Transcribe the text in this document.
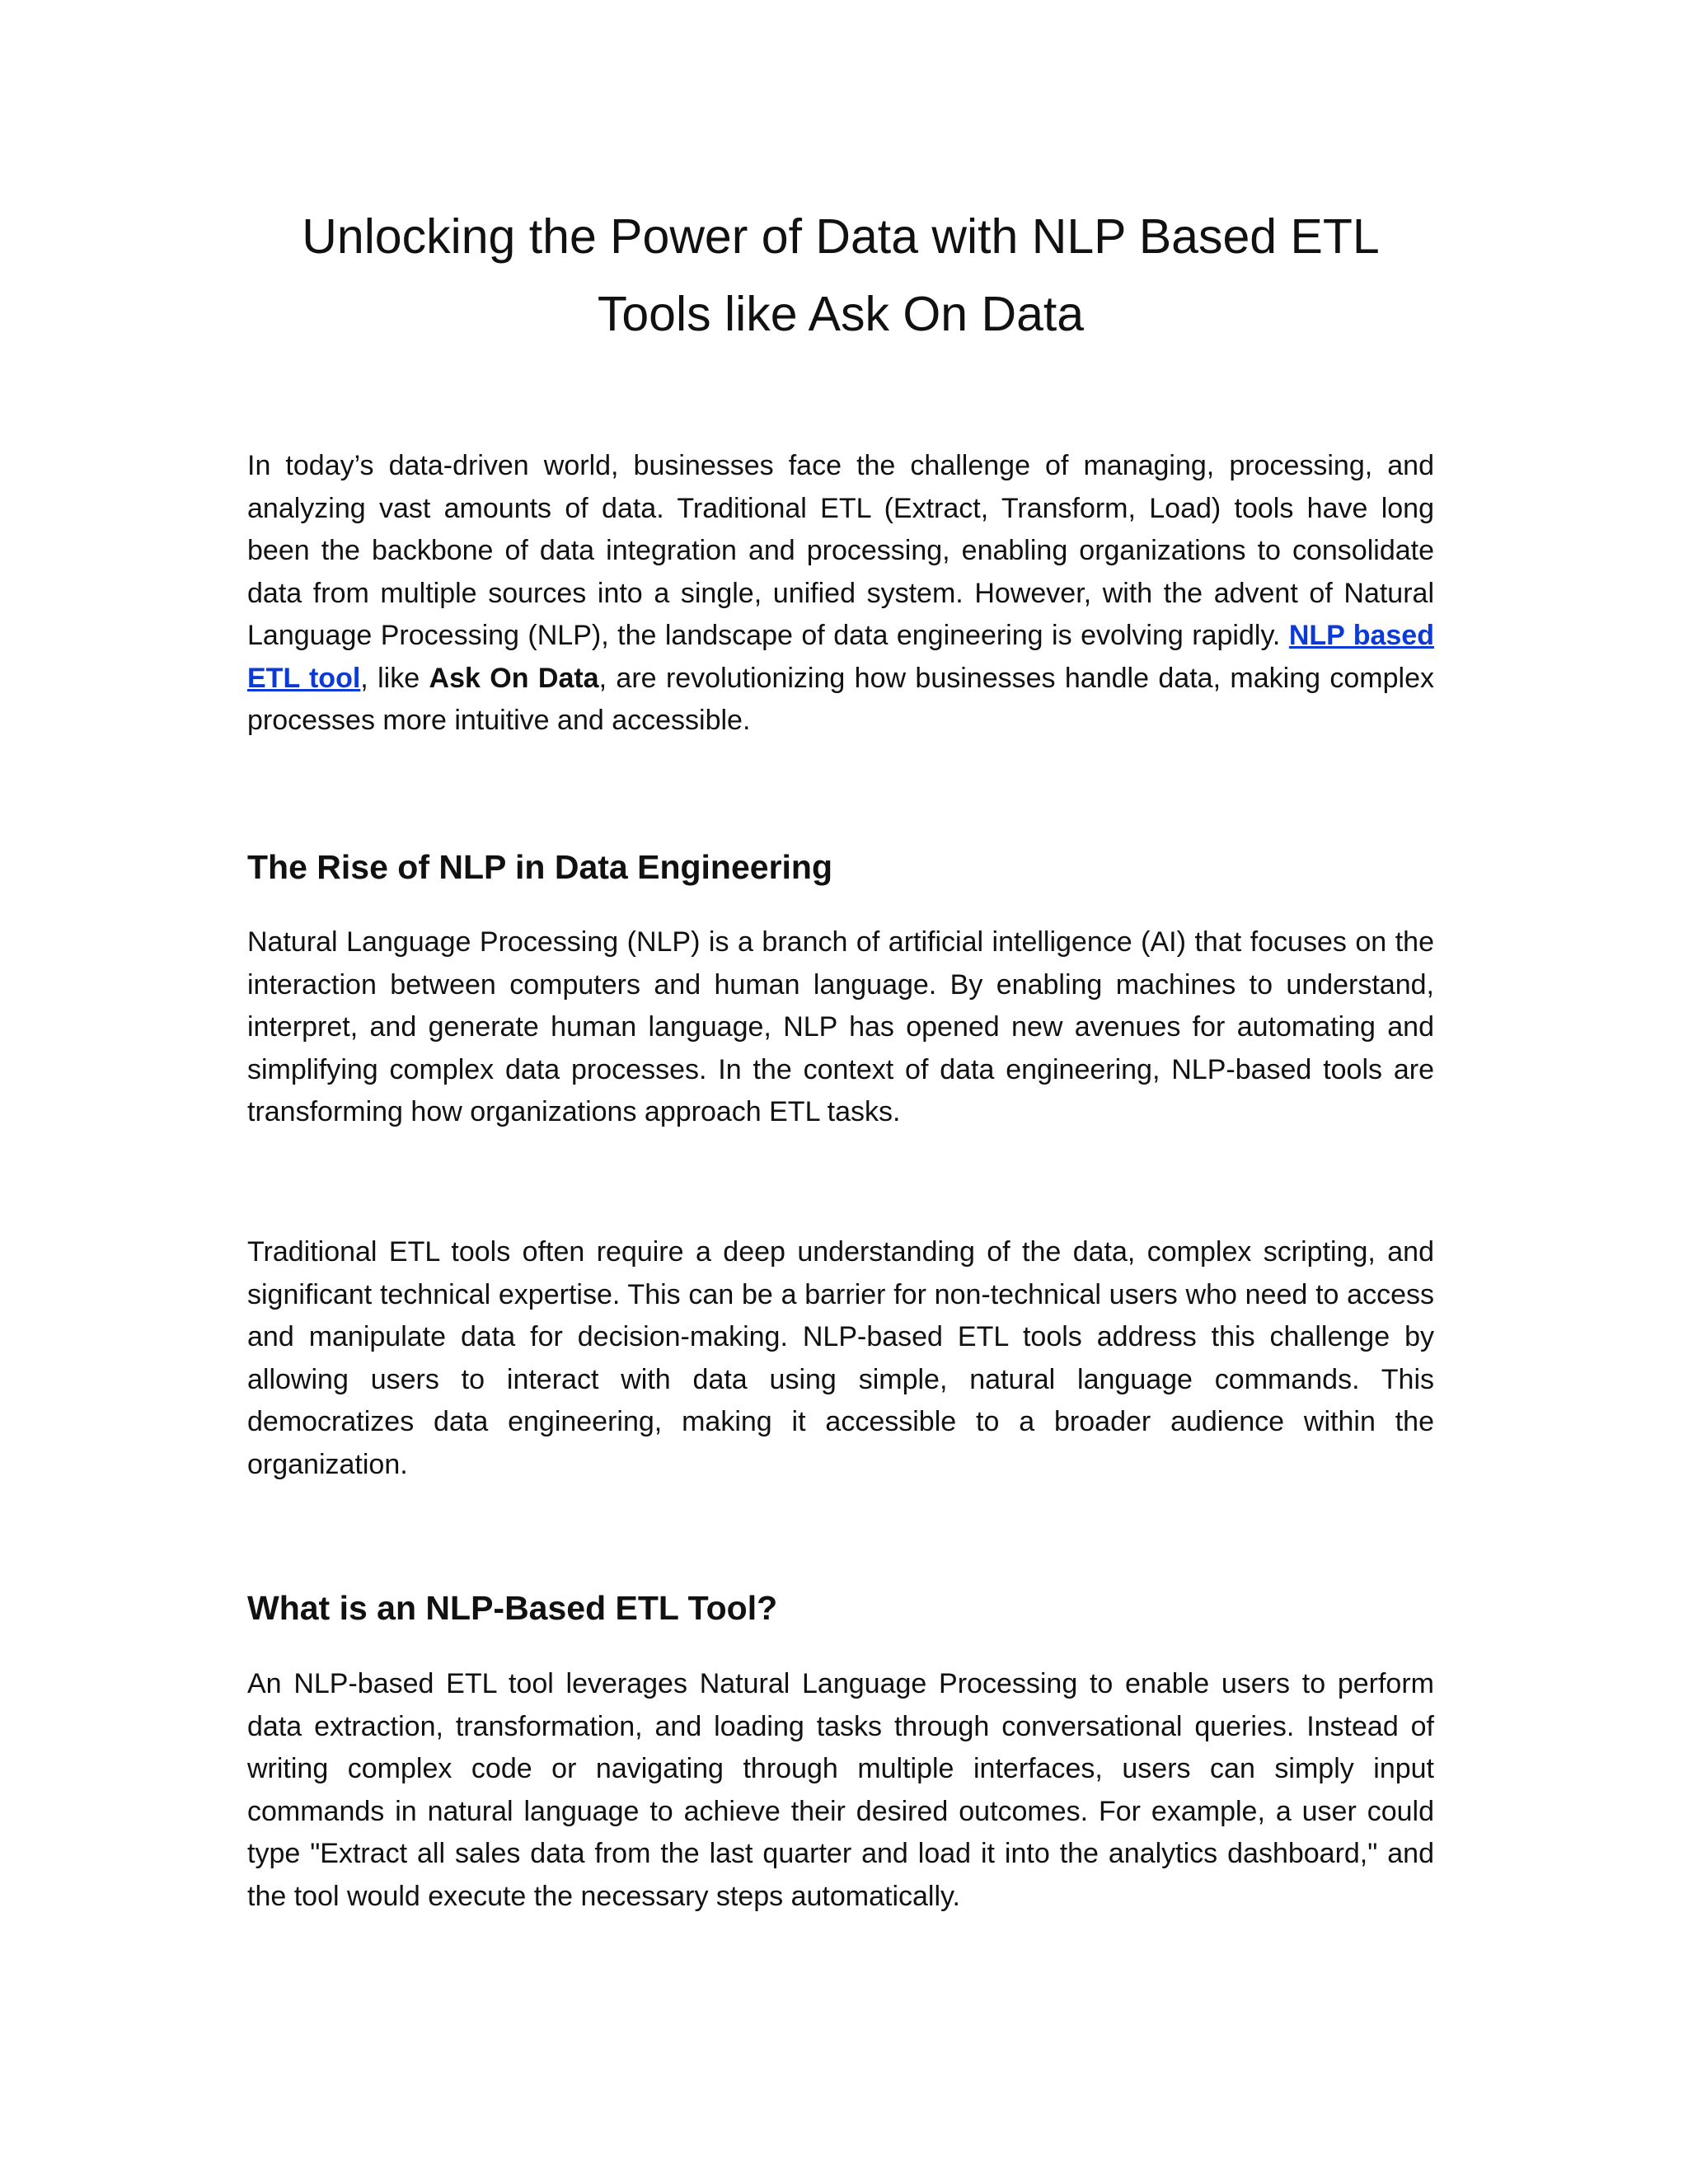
Unlocking the Power of Data with NLP Based ETL Tools like Ask On Data

In today’s data-driven world, businesses face the challenge of managing, processing, and analyzing vast amounts of data. Traditional ETL (Extract, Transform, Load) tools have long been the backbone of data integration and processing, enabling organizations to consolidate data from multiple sources into a single, unified system. However, with the advent of Natural Language Processing (NLP), the landscape of data engineering is evolving rapidly. NLP based ETL tool, like Ask On Data, are revolutionizing how businesses handle data, making complex processes more intuitive and accessible.

The Rise of NLP in Data Engineering

Natural Language Processing (NLP) is a branch of artificial intelligence (AI) that focuses on the interaction between computers and human language. By enabling machines to understand, interpret, and generate human language, NLP has opened new avenues for automating and simplifying complex data processes. In the context of data engineering, NLP-based tools are transforming how organizations approach ETL tasks.

Traditional ETL tools often require a deep understanding of the data, complex scripting, and significant technical expertise. This can be a barrier for non-technical users who need to access and manipulate data for decision-making. NLP-based ETL tools address this challenge by allowing users to interact with data using simple, natural language commands. This democratizes data engineering, making it accessible to a broader audience within the organization.

What is an NLP-Based ETL Tool?

An NLP-based ETL tool leverages Natural Language Processing to enable users to perform data extraction, transformation, and loading tasks through conversational queries. Instead of writing complex code or navigating through multiple interfaces, users can simply input commands in natural language to achieve their desired outcomes. For example, a user could type "Extract all sales data from the last quarter and load it into the analytics dashboard," and the tool would execute the necessary steps automatically.
